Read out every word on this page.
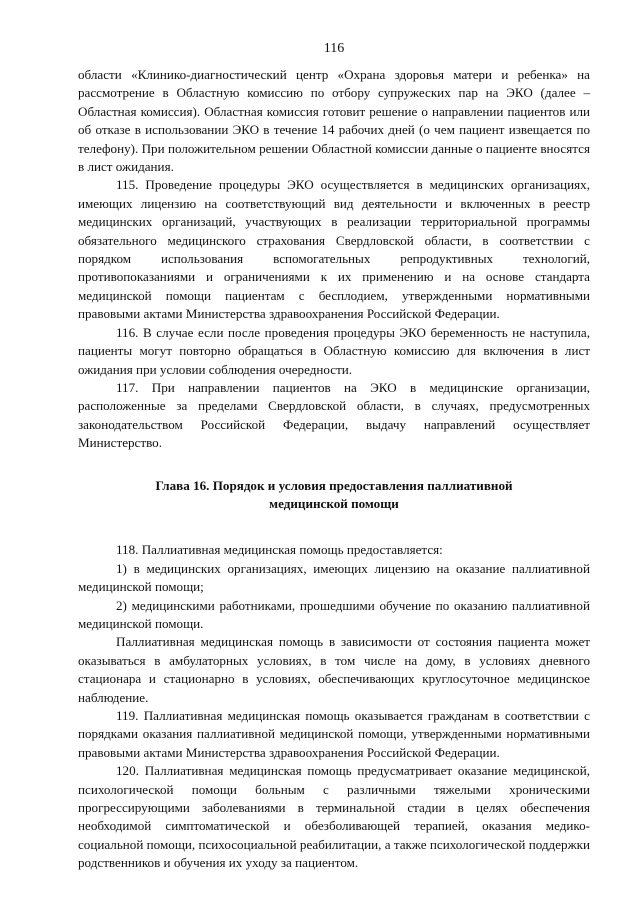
116

области «Клинико-диагностический центр «Охрана здоровья матери и ребенка» на рассмотрение в Областную комиссию по отбору супружеских пар на ЭКО (далее – Областная комиссия). Областная комиссия готовит решение о направлении пациентов или об отказе в использовании ЭКО в течение 14 рабочих дней (о чем пациент извещается по телефону). При положительном решении Областной комиссии данные о пациенте вносятся в лист ожидания.

115. Проведение процедуры ЭКО осуществляется в медицинских организациях, имеющих лицензию на соответствующий вид деятельности и включенных в реестр медицинских организаций, участвующих в реализации территориальной программы обязательного медицинского страхования Свердловской области, в соответствии с порядком использования вспомогательных репродуктивных технологий, противопоказаниями и ограничениями к их применению и на основе стандарта медицинской помощи пациентам с бесплодием, утвержденными нормативными правовыми актами Министерства здравоохранения Российской Федерации.

116. В случае если после проведения процедуры ЭКО беременность не наступила, пациенты могут повторно обращаться в Областную комиссию для включения в лист ожидания при условии соблюдения очередности.

117. При направлении пациентов на ЭКО в медицинские организации, расположенные за пределами Свердловской области, в случаях, предусмотренных законодательством Российской Федерации, выдачу направлений осуществляет Министерство.

Глава 16. Порядок и условия предоставления паллиативной
медицинской помощи

118. Паллиативная медицинская помощь предоставляется:

1) в медицинских организациях, имеющих лицензию на оказание паллиативной медицинской помощи;

2) медицинскими работниками, прошедшими обучение по оказанию паллиативной медицинской помощи.

Паллиативная медицинская помощь в зависимости от состояния пациента может оказываться в амбулаторных условиях, в том числе на дому, в условиях дневного стационара и стационарно в условиях, обеспечивающих круглосуточное медицинское наблюдение.

119. Паллиативная медицинская помощь оказывается гражданам в соответствии с порядками оказания паллиативной медицинской помощи, утвержденными нормативными правовыми актами Министерства здравоохранения Российской Федерации.

120. Паллиативная медицинская помощь предусматривает оказание медицинской, психологической помощи больным с различными тяжелыми хроническими прогрессирующими заболеваниями в терминальной стадии в целях обеспечения необходимой симптоматической и обезболивающей терапией, оказания медико-социальной помощи, психосоциальной реабилитации, а также психологической поддержки родственников и обучения их уходу за пациентом.
